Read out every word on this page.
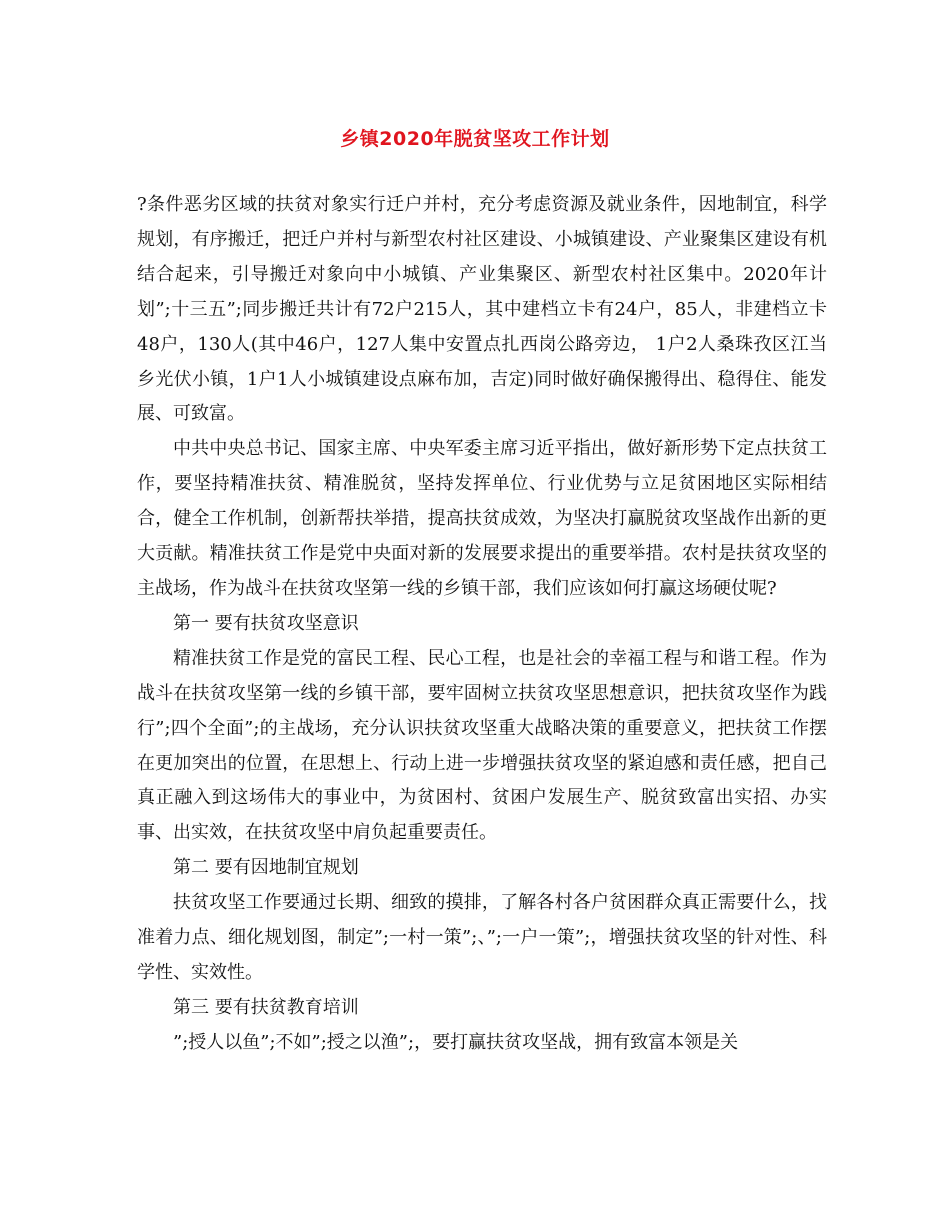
乡镇2020年脱贫坚攻工作计划

?条件恶劣区域的扶贫对象实行迁户并村，充分考虑资源及就业条件，因地制宜，科学规划，有序搬迁，把迁户并村与新型农村社区建设、小城镇建设、产业聚集区建设有机结合起来，引导搬迁对象向中小城镇、产业集聚区、新型农村社区集中。2020年计划”;十三五”;同步搬迁共计有72户215人，其中建档立卡有24户，85人，非建档立卡48户，130人(其中46户，127人集中安置点扎西岗公路旁边， 1户2人桑珠孜区江当乡光伏小镇，1户1人小城镇建设点麻布加，吉定)同时做好确保搬得出、稳得住、能发展、可致富。

中共中央总书记、国家主席、中央军委主席习近平指出，做好新形势下定点扶贫工作，要坚持精准扶贫、精准脱贫，坚持发挥单位、行业优势与立足贫困地区实际相结合，健全工作机制，创新帮扶举措，提高扶贫成效，为坚决打赢脱贫攻坚战作出新的更大贡献。精准扶贫工作是党中央面对新的发展要求提出的重要举措。农村是扶贫攻坚的主战场，作为战斗在扶贫攻坚第一线的乡镇干部，我们应该如何打赢这场硬仗呢?

第一 要有扶贫攻坚意识

精准扶贫工作是党的富民工程、民心工程，也是社会的幸福工程与和谐工程。作为战斗在扶贫攻坚第一线的乡镇干部，要牢固树立扶贫攻坚思想意识，把扶贫攻坚作为践行”;四个全面”;的主战场，充分认识扶贫攻坚重大战略决策的重要意义，把扶贫工作摆在更加突出的位置，在思想上、行动上进一步增强扶贫攻坚的紧迫感和责任感，把自己真正融入到这场伟大的事业中，为贫困村、贫困户发展生产、脱贫致富出实招、办实事、出实效，在扶贫攻坚中肩负起重要责任。

第二 要有因地制宜规划

扶贫攻坚工作要通过长期、细致的摸排，了解各村各户贫困群众真正需要什么，找准着力点、细化规划图，制定”;一村一策”;、”;一户一策”;，增强扶贫攻坚的针对性、科学性、实效性。

第三 要有扶贫教育培训

”;授人以鱼”;不如”;授之以渔”;，要打赢扶贫攻坚战，拥有致富本领是关
